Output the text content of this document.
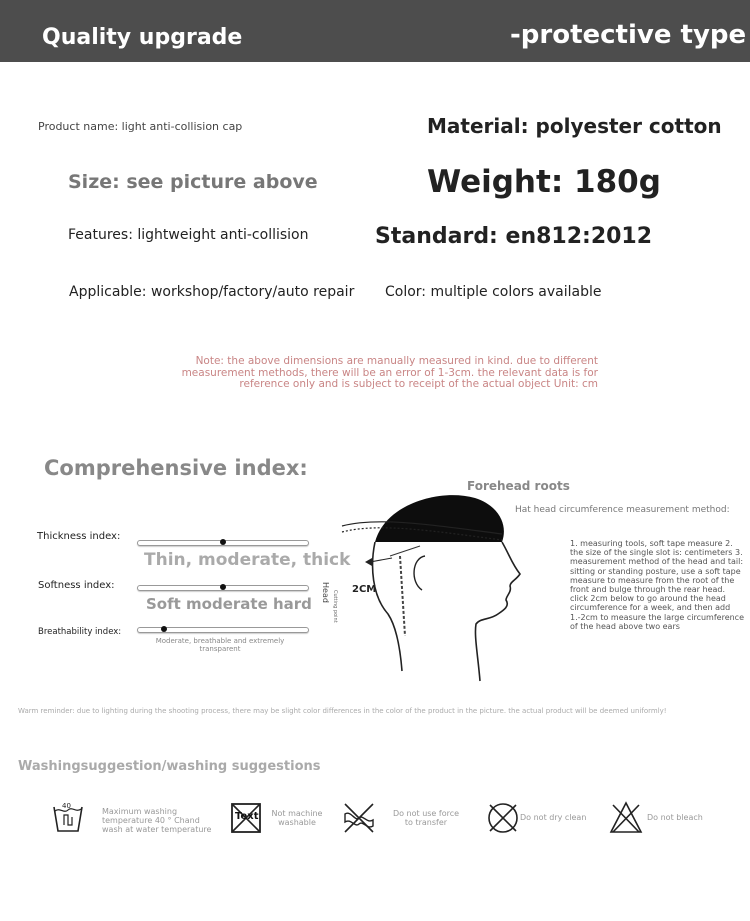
Quality upgrade	-protective type
Product name: light anti-collision cap	Material: polyester cotton
Size: see picture above	Weight: 180g
Features: lightweight anti-collision	Standard: en812:2012
Applicable: workshop/factory/auto repair Color: multiple colors available
Note: the above dimensions are manually measured in kind. due to different measurement methods, there will be an error of 1-3cm. the relevant data is for reference only and is subject to receipt of the actual object Unit: cm
Comprehensive index:
Thickness index:
Thin, moderate, thick
Softness index:
Soft moderate hard
Breathability index:
Moderate, breathable and extremely transparent
Forehead roots
Hat head circumference measurement method:
2CM
Head Cutting point
1. measuring tools, soft tape measure 2. the size of the single slot is: centimeters 3. measurement method of the head and tail: sitting or standing posture, use a soft tape measure to measure from the root of the front and bulge through the rear head. click 2cm below to go around the head circumference for a week, and then add 1.-2cm to measure the large circumference of the head above two ears
Warm reminder: due to lighting during the shooting process, there may be slight color differences in the color of the product in the picture. the actual product will be deemed uniformly!
Washingsuggestion/washing suggestions
40
Maximum washing temperature 40 ° Chand wash at water temperature
Text	Not machine washable
Do not use force to transfer
Do not dry clean	Do not bleach
